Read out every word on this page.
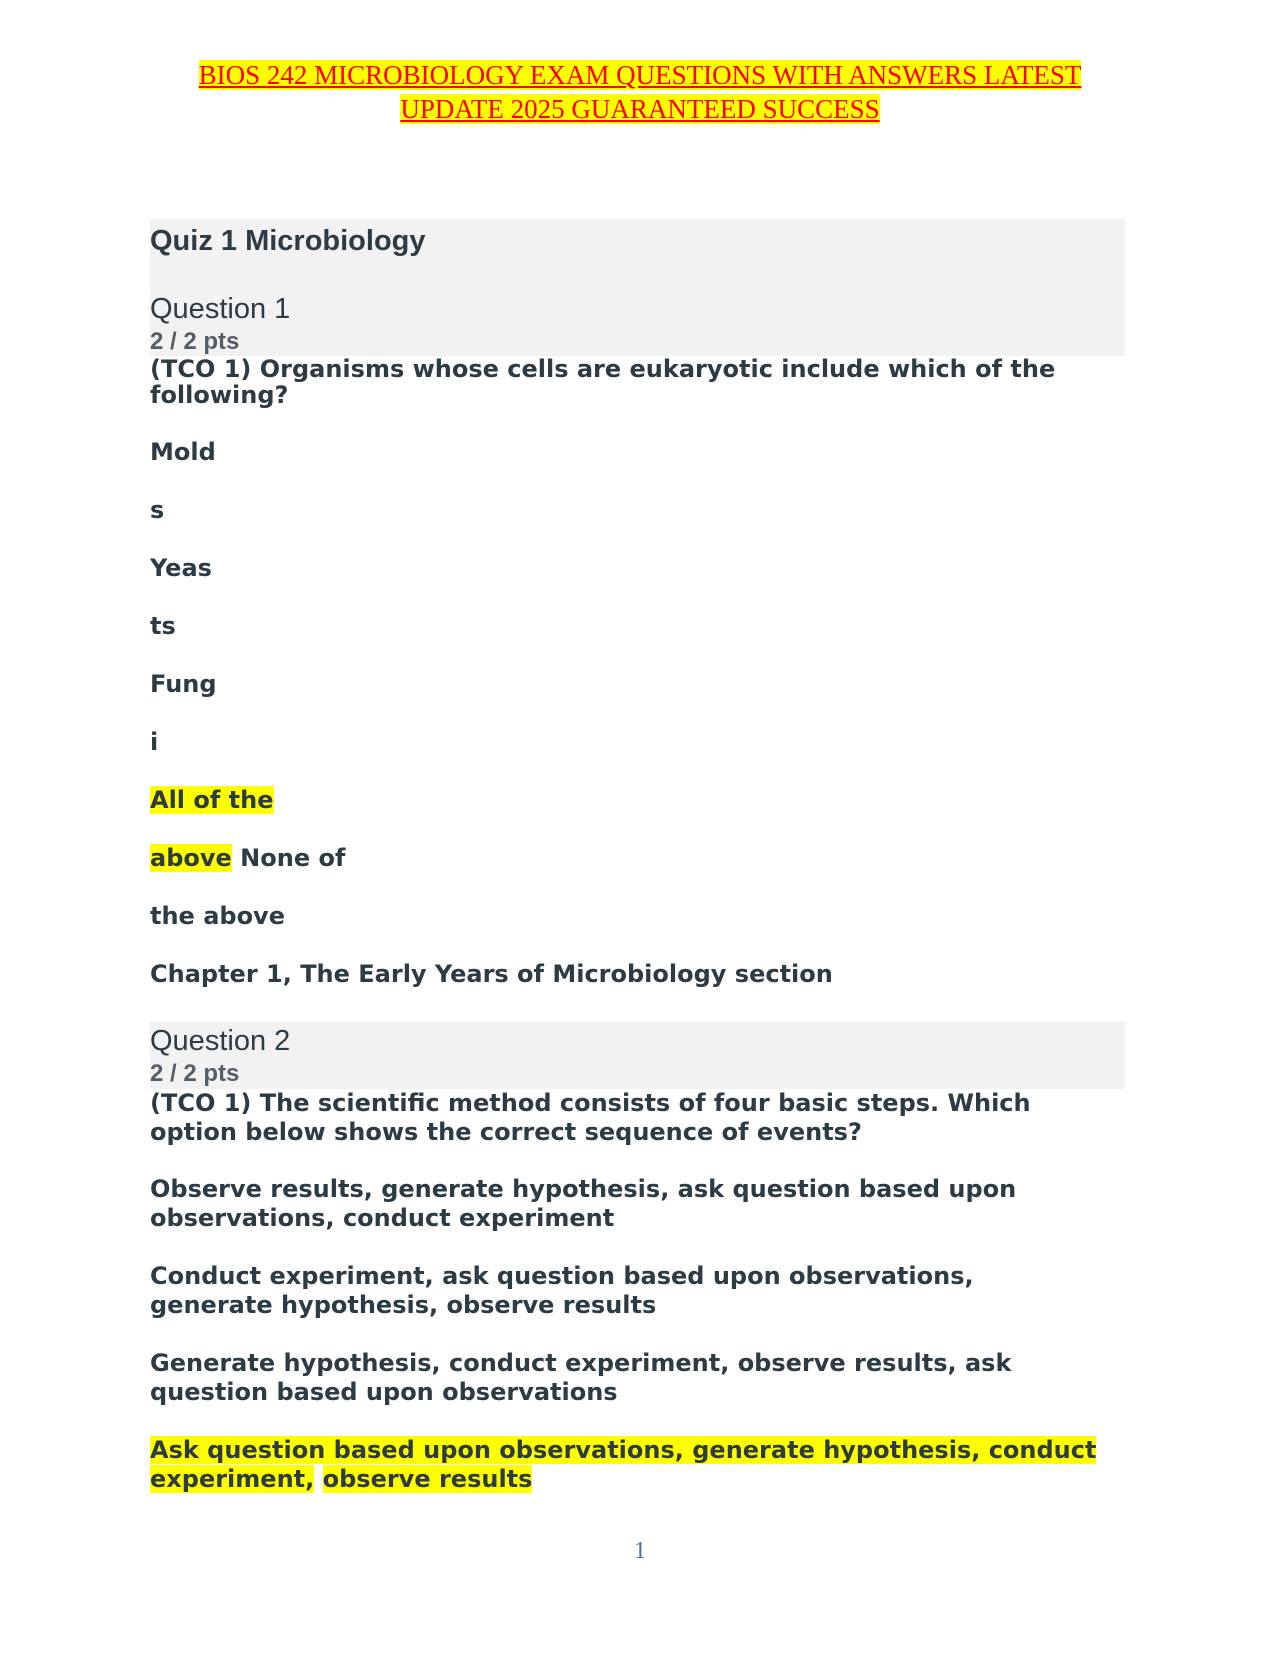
BIOS 242 MICROBIOLOGY EXAM QUESTIONS WITH ANSWERS LATEST
UPDATE 2025 GUARANTEED SUCCESS
Quiz 1 Microbiology
Question 1
2 / 2 pts
(TCO 1) Organisms whose cells are eukaryotic include which of the
following?
Mold
s
Yeas
ts
Fung
i
All of the
above None of
the above
Chapter 1, The Early Years of Microbiology section
Question 2
2 / 2 pts
(TCO 1) The scientific method consists of four basic steps. Which
option below shows the correct sequence of events?
Observe results, generate hypothesis, ask question based upon
observations, conduct experiment
Conduct experiment, ask question based upon observations,
generate hypothesis, observe results
Generate hypothesis, conduct experiment, observe results, ask
question based upon observations
Ask question based upon observations, generate hypothesis, conduct
experiment, observe results
1
